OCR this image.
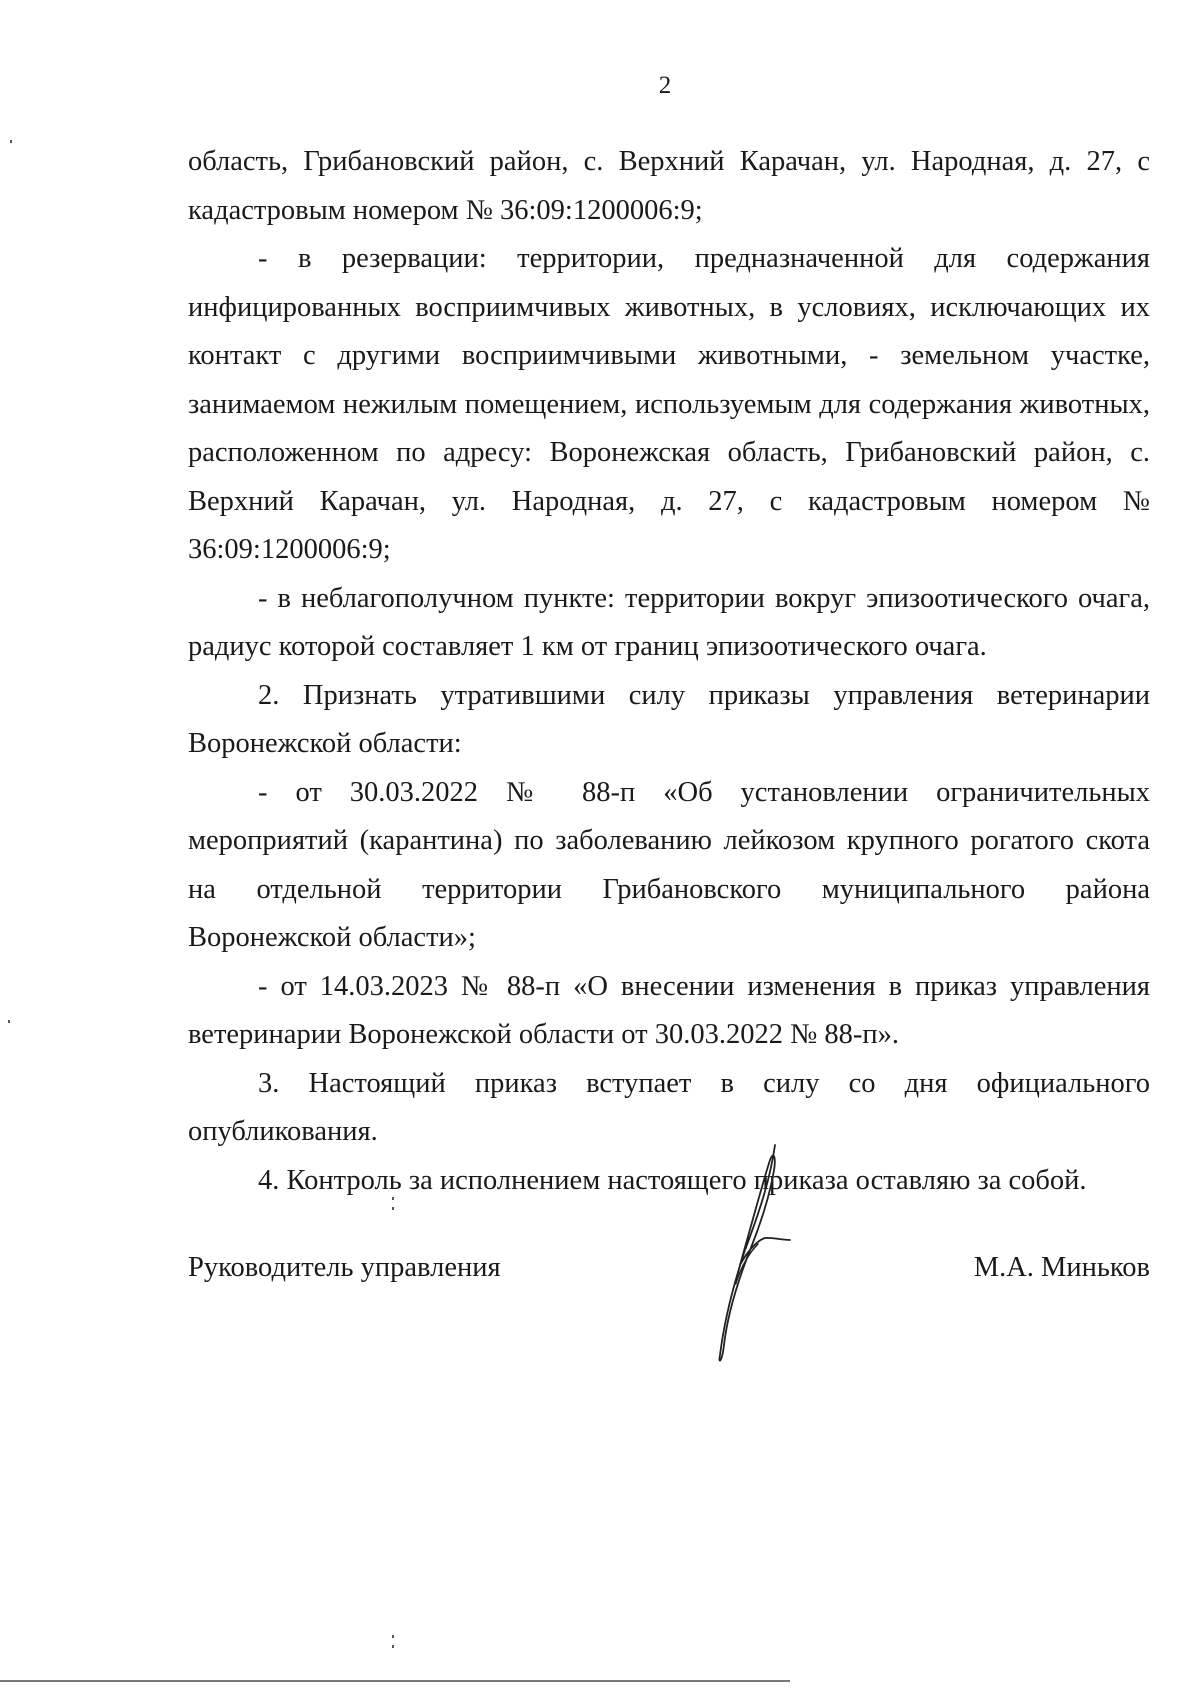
2

область, Грибановский район, с. Верхний Карачан, ул. Народная, д. 27, с кадастровым номером № 36:09:1200006:9;

- в резервации: территории, предназначенной для содержания инфицированных восприимчивых животных, в условиях, исключающих их контакт с другими восприимчивыми животными, - земельном участке, занимаемом нежилым помещением, используемым для содержания животных, расположенном по адресу: Воронежская область, Грибановский район, с. Верхний Карачан, ул. Народная, д. 27, с кадастровым номером № 36:09:1200006:9;

- в неблагополучном пункте: территории вокруг эпизоотического очага, радиус которой составляет 1 км от границ эпизоотического очага.

2. Признать утратившими силу приказы управления ветеринарии Воронежской области:

- от 30.03.2022 № 88-п «Об установлении ограничительных мероприятий (карантина) по заболеванию лейкозом крупного рогатого скота на отдельной территории Грибановского муниципального района Воронежской области»;

- от 14.03.2023 № 88-п «О внесении изменения в приказ управления ветеринарии Воронежской области от 30.03.2022 № 88-п».

3. Настоящий приказ вступает в силу со дня официального опубликования.

4. Контроль за исполнением настоящего приказа оставляю за собой.

Руководитель управления	М.А. Миньков
